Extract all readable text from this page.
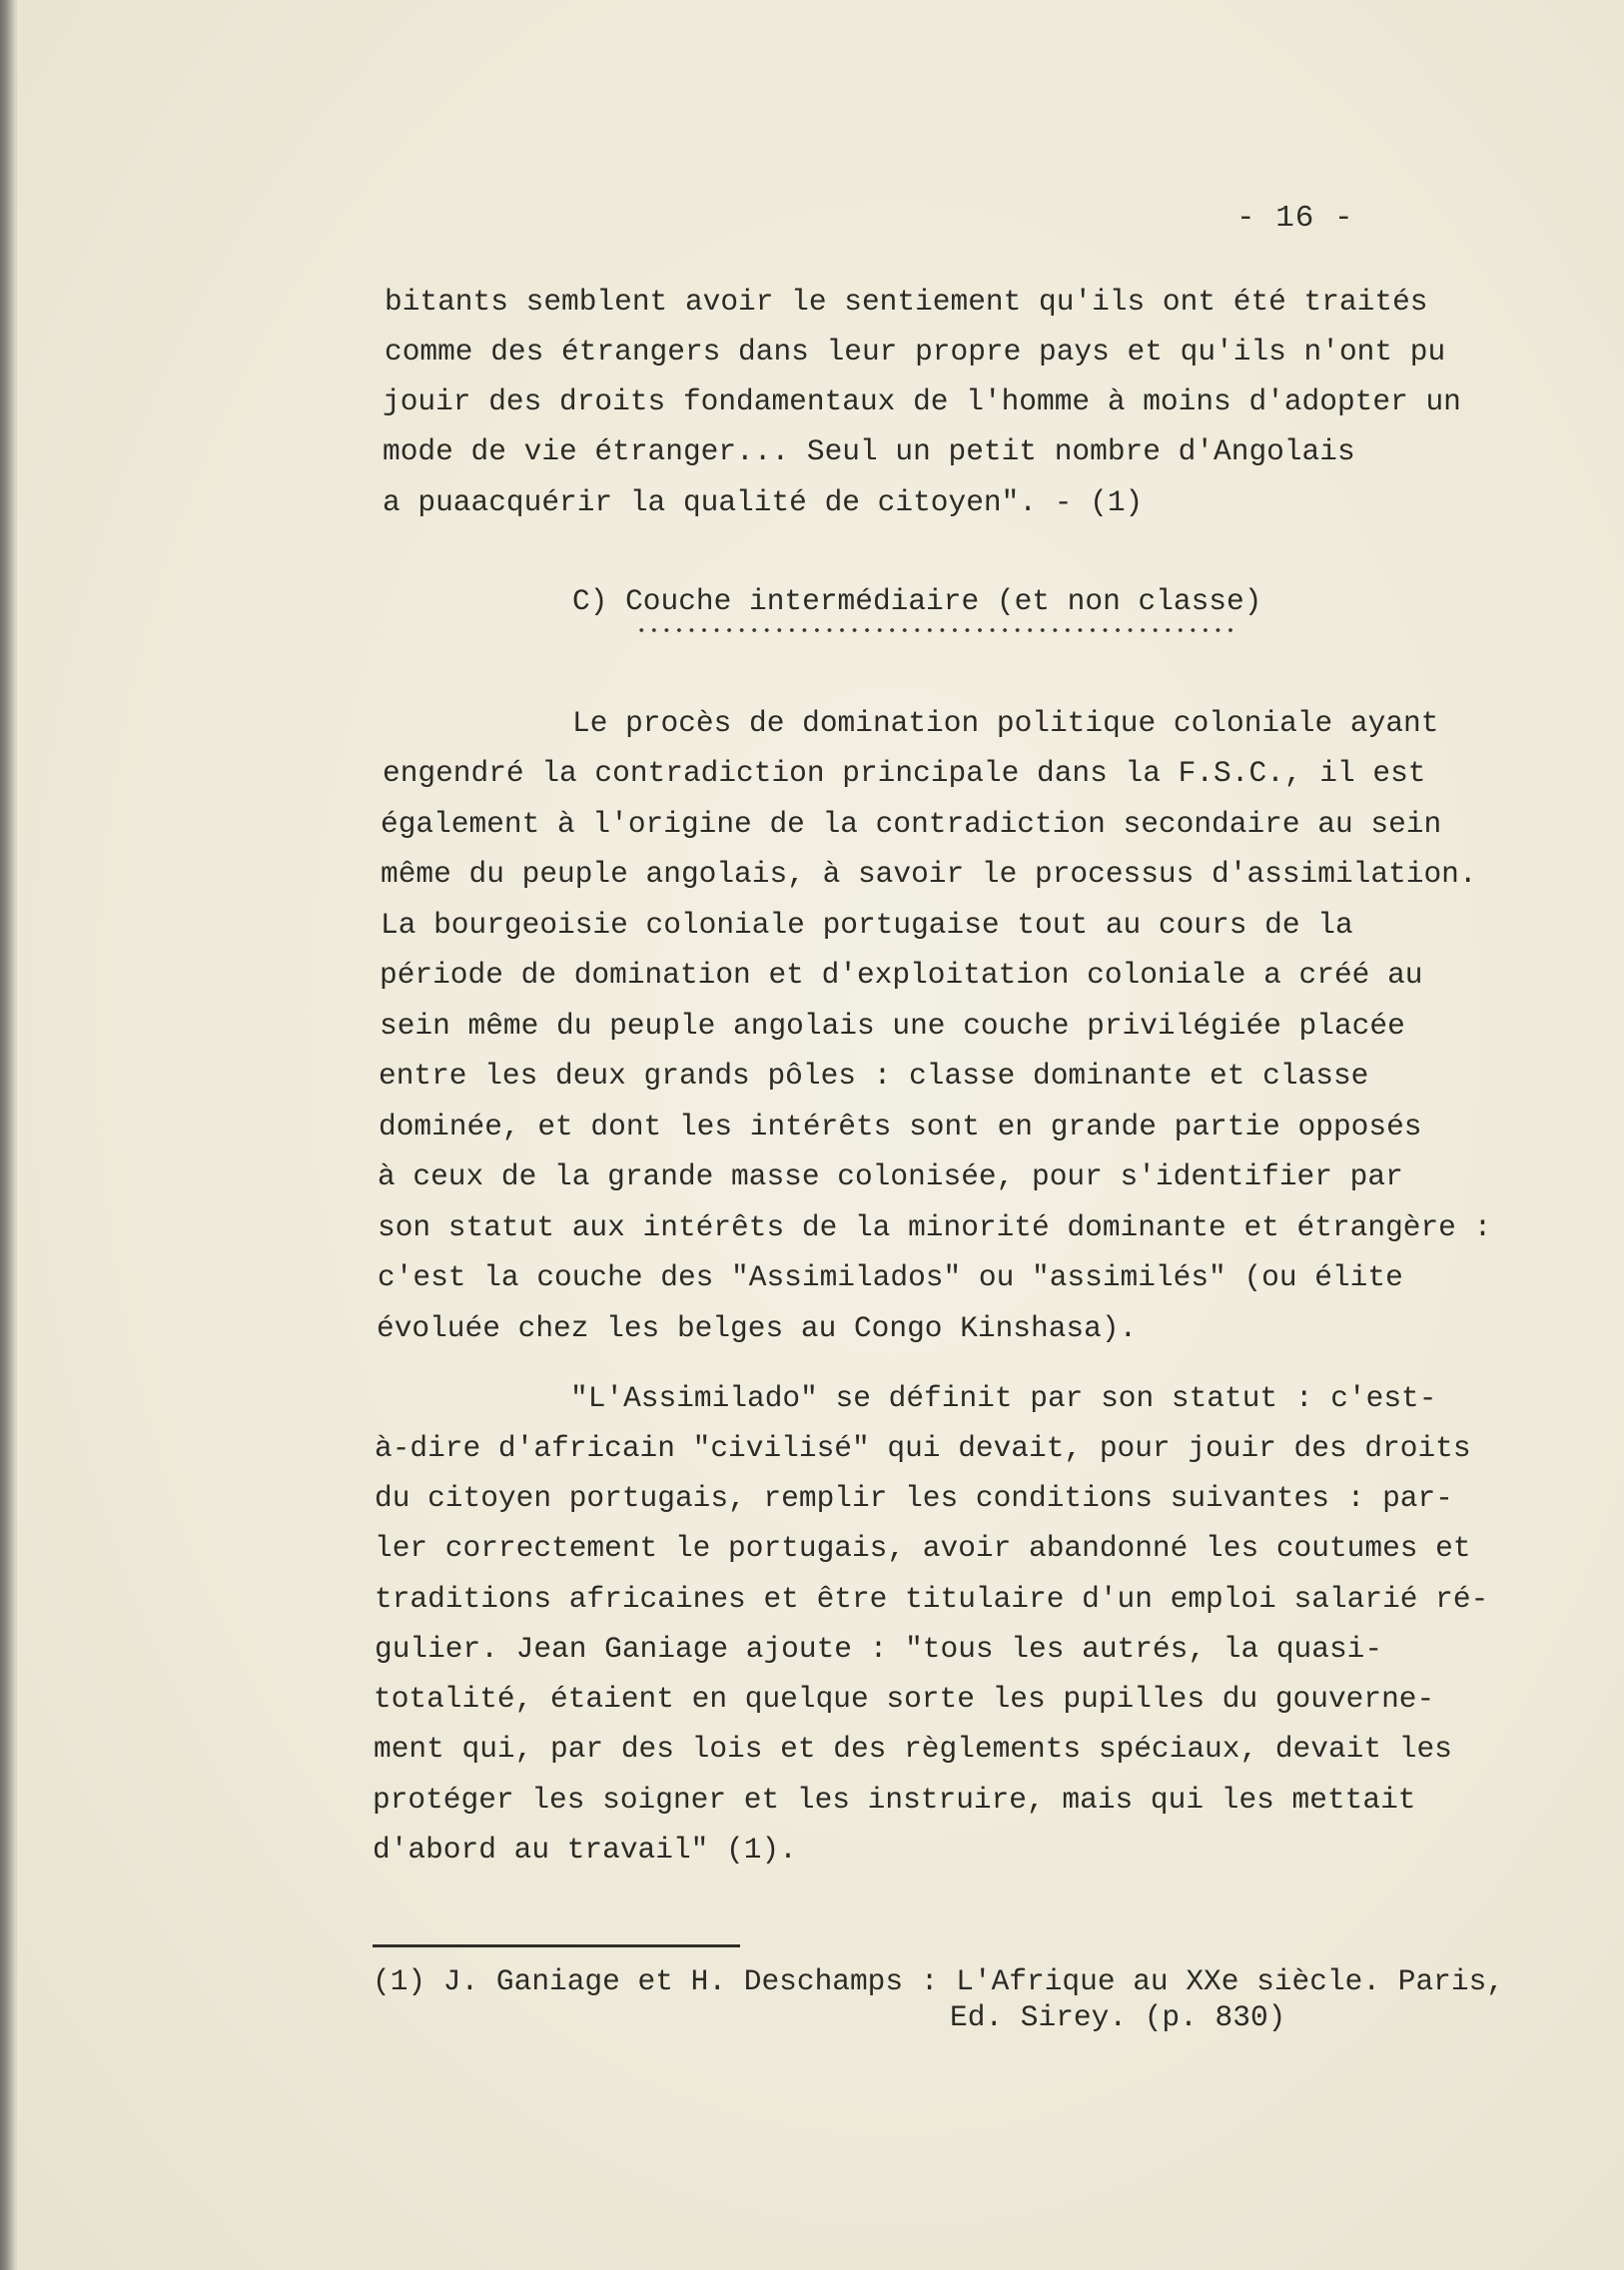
- 16 -
bitants semblent avoir le sentiement qu'ils ont été traités
comme des étrangers dans leur propre pays et qu'ils n'ont pu
jouir des droits fondamentaux de l'homme à moins d'adopter un
mode de vie étranger... Seul un petit nombre d'Angolais
a puaacquérir la qualité de citoyen". - (1)
C) Couche intermédiaire (et non classe)
Le procès de domination politique coloniale ayant
engendré la contradiction principale dans la F.S.C., il est
également à l'origine de la contradiction secondaire au sein
même du peuple angolais, à savoir le processus d'assimilation.
La bourgeoisie coloniale portugaise tout au cours de la
période de domination et d'exploitation coloniale a créé au
sein même du peuple angolais une couche privilégiée placée
entre les deux grands pôles : classe dominante et classe
dominée, et dont les intérêts sont en grande partie opposés
à ceux de la grande masse colonisée, pour s'identifier par
son statut aux intérêts de la minorité dominante et étrangère :
c'est la couche des "Assimilados" ou "assimilés" (ou élite
évoluée chez les belges au Congo Kinshasa).
"L'Assimilado" se définit par son statut : c'est-
à-dire d'africain "civilisé" qui devait, pour jouir des droits
du citoyen portugais, remplir les conditions suivantes : par-
ler correctement le portugais, avoir abandonné les coutumes et
traditions africaines et être titulaire d'un emploi salarié ré-
gulier. Jean Ganiage ajoute : "tous les autrés, la quasi-
totalité, étaient en quelque sorte les pupilles du gouverne-
ment qui, par des lois et des règlements spéciaux, devait les
protéger les soigner et les instruire, mais qui les mettait
d'abord au travail" (1).
(1) J. Ganiage et H. Deschamps : L'Afrique au XXe siècle. Paris,
Ed. Sirey. (p. 830)
